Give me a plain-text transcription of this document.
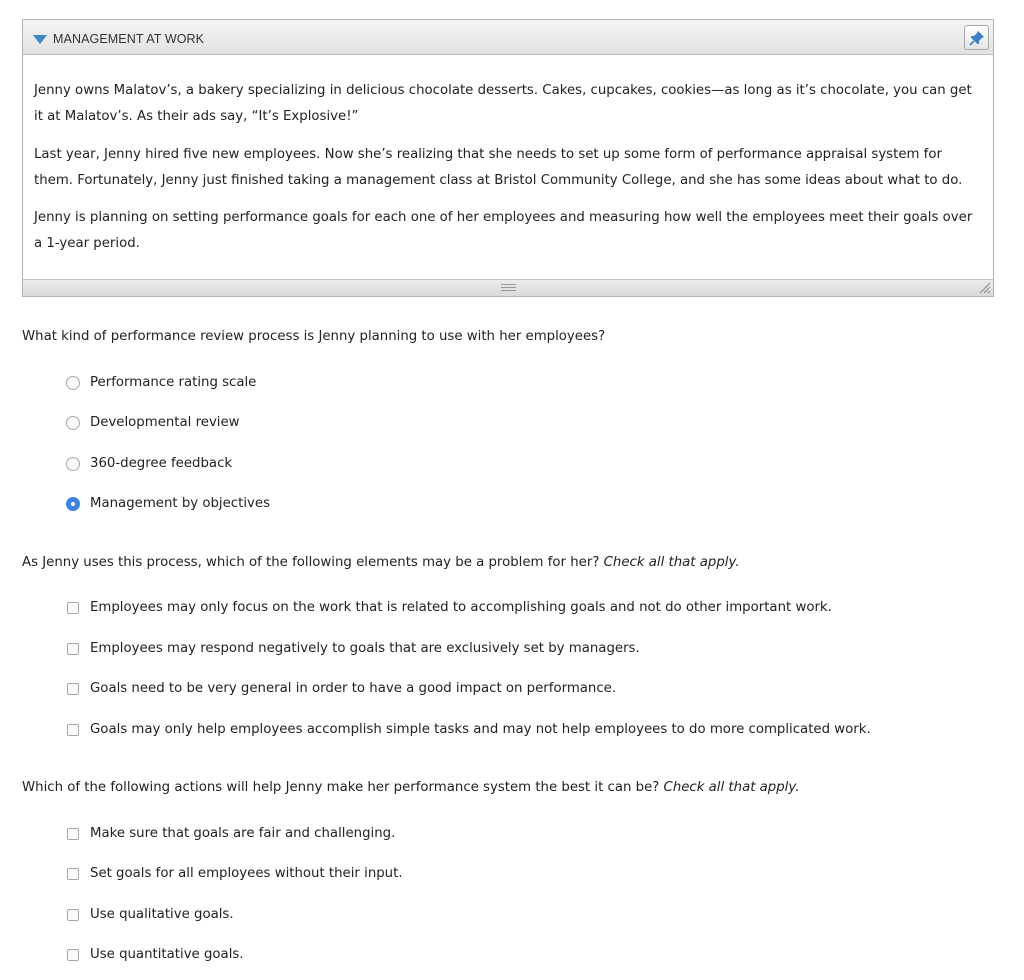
MANAGEMENT AT WORK

Jenny owns Malatov’s, a bakery specializing in delicious chocolate desserts. Cakes, cupcakes, cookies—as long as it’s chocolate, you can get it at Malatov’s. As their ads say, “It’s Explosive!”

Last year, Jenny hired five new employees. Now she’s realizing that she needs to set up some form of performance appraisal system for them. Fortunately, Jenny just finished taking a management class at Bristol Community College, and she has some ideas about what to do.

Jenny is planning on setting performance goals for each one of her employees and measuring how well the employees meet their goals over a 1-year period.

What kind of performance review process is Jenny planning to use with her employees?
Performance rating scale
Developmental review
360-degree feedback
Management by objectives
As Jenny uses this process, which of the following elements may be a problem for her? Check all that apply.
Employees may only focus on the work that is related to accomplishing goals and not do other important work.
Employees may respond negatively to goals that are exclusively set by managers.
Goals need to be very general in order to have a good impact on performance.
Goals may only help employees accomplish simple tasks and may not help employees to do more complicated work.
Which of the following actions will help Jenny make her performance system the best it can be? Check all that apply.
Make sure that goals are fair and challenging.
Set goals for all employees without their input.
Use qualitative goals.
Use quantitative goals.
